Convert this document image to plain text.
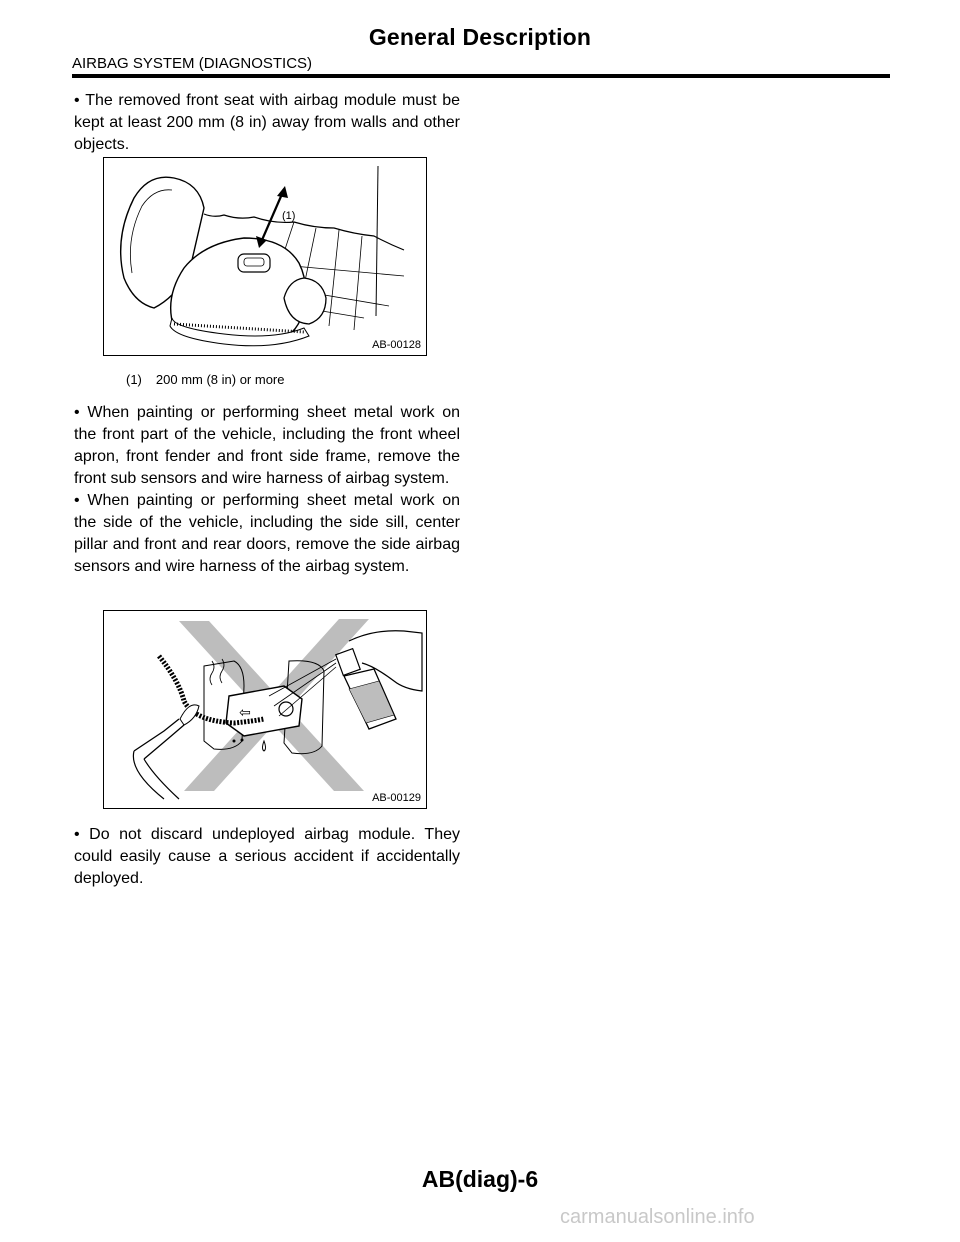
General Description
AIRBAG SYSTEM (DIAGNOSTICS)

• The removed front seat with airbag module must be kept at least 200 mm (8 in) away from walls and other objects.

(1)
AB-00128
(1) 200 mm (8 in) or more

• When painting or performing sheet metal work on the front part of the vehicle, including the front wheel apron, front fender and front side frame, remove the front sub sensors and wire harness of airbag system.

• When painting or performing sheet metal work on the side of the vehicle, including the side sill, center pillar and front and rear doors, remove the side airbag sensors and wire harness of the airbag system.

⇦
AB-00129

• Do not discard undeployed airbag module. They could easily cause a serious accident if accidentally deployed.

AB(diag)-6
carmanualsonline.info
